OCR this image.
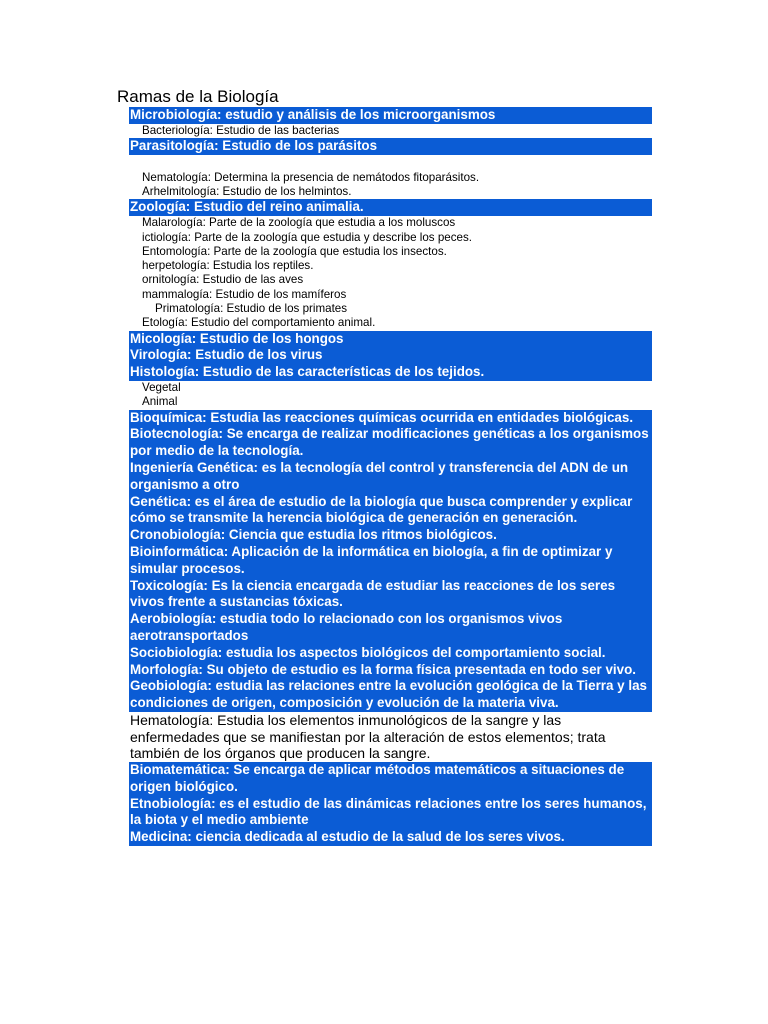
Ramas de la Biología
Microbiología: estudio y análisis de los microorganismos
Bacteriología: Estudio de las bacterias
Parasitología: Estudio de los parásitos
Nematología: Determina la presencia de nemátodos fitoparásitos.
Arhelmitología: Estudio de los helmintos.
Zoología: Estudio del reino animalia.
Malarología: Parte de la zoología que estudia a los moluscos
ictiología: Parte de la zoología que estudia y describe los peces.
Entomología: Parte de la zoología que estudia los insectos.
herpetología: Estudia los reptiles.
ornitología: Estudio de las aves
mammalogía: Estudio de los mamíferos
Primatología: Estudio de los primates
Etología: Estudio del comportamiento animal.
Micología: Estudio de los hongos
Virología: Estudio de los virus
Histología: Estudio de las características de los tejidos.
Vegetal
Animal
Bioquímica: Estudia las reacciones químicas ocurrida en entidades biológicas.
Biotecnología: Se encarga de realizar modificaciones genéticas a los organismos por medio de la tecnología.
Ingeniería Genética: es la tecnología del control y transferencia del ADN de un organismo a otro
Genética: es el área de estudio de la biología que busca comprender y explicar cómo se transmite la herencia biológica de generación en generación.
Cronobiología: Ciencia que estudia los ritmos biológicos.
Bioinformática: Aplicación de la informática en biología, a fin de optimizar y simular procesos.
Toxicología: Es la ciencia encargada de estudiar las reacciones de los seres vivos frente a sustancias tóxicas.
Aerobiología: estudia todo lo relacionado con los organismos vivos aerotransportados
Sociobiología: estudia los aspectos biológicos del comportamiento social.
Morfología: Su objeto de estudio es la forma física presentada en todo ser vivo.
Geobiología: estudia las relaciones entre la evolución geológica de la Tierra y las condiciones de origen, composición y evolución de la materia viva.
Hematología: Estudia los elementos inmunológicos de la sangre y las enfermedades que se manifiestan por la alteración de estos elementos; trata también de los órganos que producen la sangre.
Biomatemática: Se encarga de aplicar métodos matemáticos a situaciones de origen biológico.
Etnobiología: es el estudio de las dinámicas relaciones entre los seres humanos, la biota y el medio ambiente
Medicina: ciencia dedicada al estudio de la salud de los seres vivos.
